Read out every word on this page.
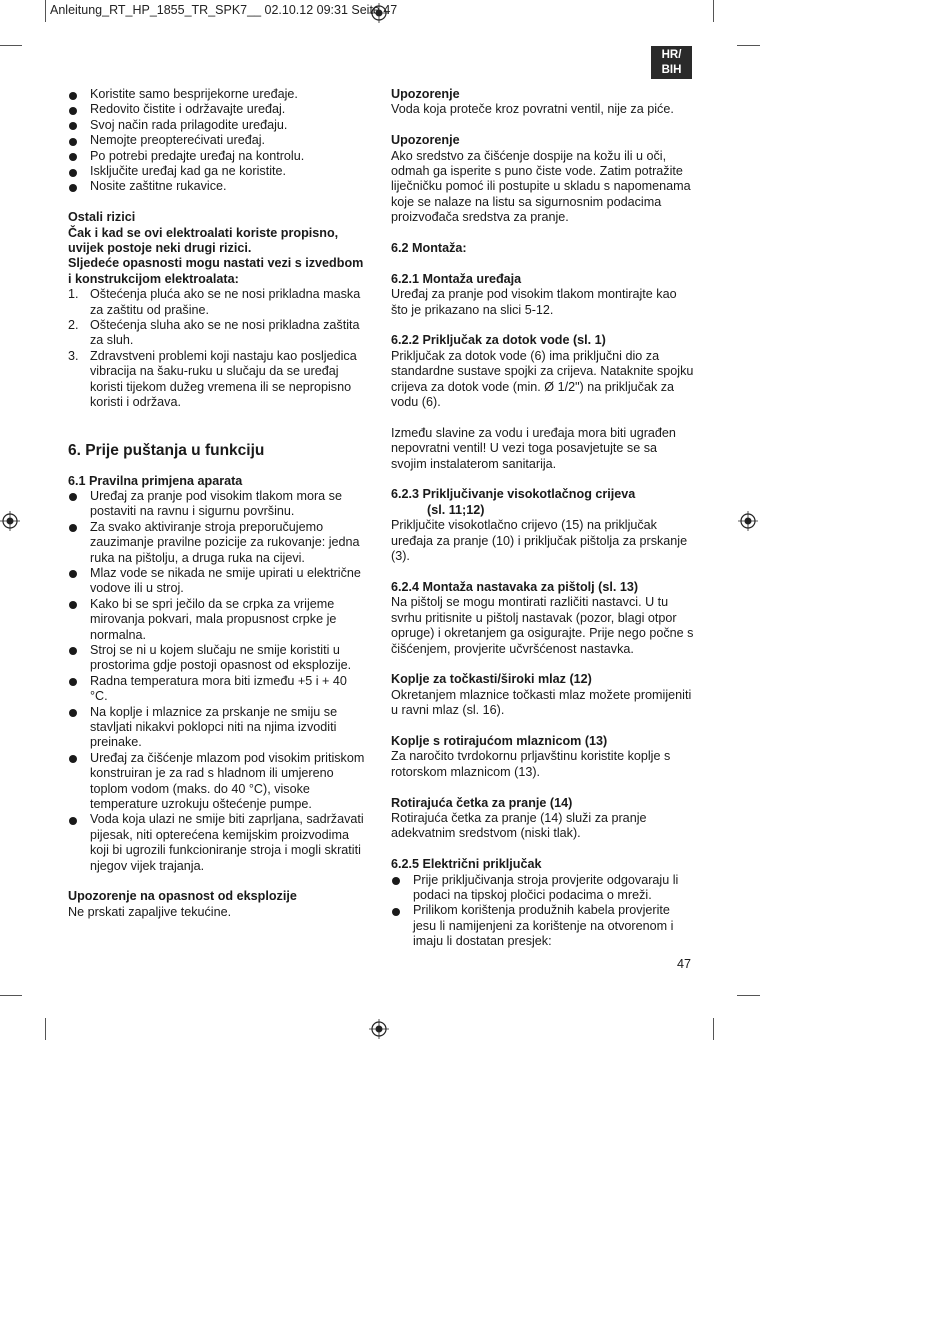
Anleitung_RT_HP_1855_TR_SPK7__ 02.10.12 09:31 Seite 47
HR/
BIH
Koristite samo besprijekorne uređaje.
Redovito čistite i održavajte uređaj.
Svoj način rada prilagodite uređaju.
Nemojte preopterećivati uređaj.
Po potrebi predajte uređaj na kontrolu.
Isključite uređaj kad ga ne koristite.
Nosite zaštitne rukavice.

Ostali rizici

Čak i kad se ovi elektroalati koriste propisno, uvijek postoje neki drugi rizici.

Sljedeće opasnosti mogu nastati vezi s izvedbom i konstrukcijom elektroalata:

1. Oštećenja pluća ako se ne nosi prikladna maska za zaštitu od prašine.
2. Oštećenja sluha ako se ne nosi prikladna zaštita za sluh.
3. Zdravstveni problemi koji nastaju kao posljedica vibracija na šaku-ruku u slučaju da se uređaj koristi tijekom dužeg vremena ili se nepropisno koristi i održava.

6. Prije puštanja u funkciju

6.1 Pravilna primjena aparata

Uređaj za pranje pod visokim tlakom mora se postaviti na ravnu i sigurnu površinu.
Za svako aktiviranje stroja preporučujemo zauzimanje pravilne pozicije za rukovanje: jedna ruka na pištolju, a druga ruka na cijevi.
Mlaz vode se nikada ne smije upirati u električne vodove ili u stroj.
Kako bi se spri ječilo da se crpka za vrijeme mirovanja pokvari, mala propusnost crpke je normalna.
Stroj se ni u kojem slučaju ne smije koristiti u prostorima gdje postoji opasnost od eksplozije.
Radna temperatura mora biti između +5 i + 40 °C.
Na koplje i mlaznice za prskanje ne smiju se stavljati nikakvi poklopci niti na njima izvoditi preinake.
Uređaj za čišćenje mlazom pod visokim pritiskom konstruiran je za rad s hladnom ili umjereno toplom vodom (maks. do 40 °C), visoke temperature uzrokuju oštećenje pumpe.
Voda koja ulazi ne smije biti zaprljana, sadržavati pijesak, niti opterećena kemijskim proizvodima koji bi ugrozili funkcioniranje stroja i mogli skratiti njegov vijek trajanja.

Upozorenje na opasnost od eksplozije

Ne prskati zapaljive tekućine.

Upozorenje

Voda koja proteče kroz povratni ventil, nije za piće.

Upozorenje

Ako sredstvo za čišćenje dospije na kožu ili u oči, odmah ga isperite s puno čiste vode. Zatim potražite liječničku pomoć ili postupite u skladu s napomenama koje se nalaze na listu sa sigurnosnim podacima proizvođača sredstva za pranje.

6.2 Montaža:

6.2.1 Montaža uređaja

Uređaj za pranje pod visokim tlakom montirajte kao što je prikazano na slici 5-12.

6.2.2 Priključak za dotok vode (sl. 1)

Priključak za dotok vode (6) ima priključni dio za standardne sustave spojki za crijeva. Nataknite spojku crijeva za dotok vode (min. Ø 1/2") na priključak za vodu (6).

Između slavine za vodu i uređaja mora biti ugrađen nepovratni ventil! U vezi toga posavjetujte se sa svojim instalaterom sanitarija.

6.2.3 Priključivanje visokotlačnog crijeva

(sl. 11;12)

Priključite visokotlačno crijevo (15) na priključak uređaja za pranje (10) i priključak pištolja za prskanje (3).

6.2.4 Montaža nastavaka za pištolj (sl. 13)

Na pištolj se mogu montirati različiti nastavci. U tu svrhu pritisnite u pištolj nastavak (pozor, blagi otpor opruge) i okretanjem ga osigurajte. Prije nego počne s čišćenjem, provjerite učvršćenost nastavka.

Koplje za točkasti/široki mlaz (12)

Okretanjem mlaznice točkasti mlaz možete promijeniti u ravni mlaz (sl. 16).

Koplje s rotirajućom mlaznicom (13)

Za naročito tvrdokornu prljavštinu koristite koplje s rotorskom mlaznicom (13).

Rotirajuća četka za pranje (14)

Rotirajuća četka za pranje (14) služi za pranje adekvatnim sredstvom (niski tlak).

6.2.5 Električni priključak

Prije priključivanja stroja provjerite odgovaraju li podaci na tipskoj pločici podacima o mreži.
Prilikom korištenja produžnih kabela provjerite jesu li namijenjeni za korištenje na otvorenom i imaju li dostatan presjek:
47
